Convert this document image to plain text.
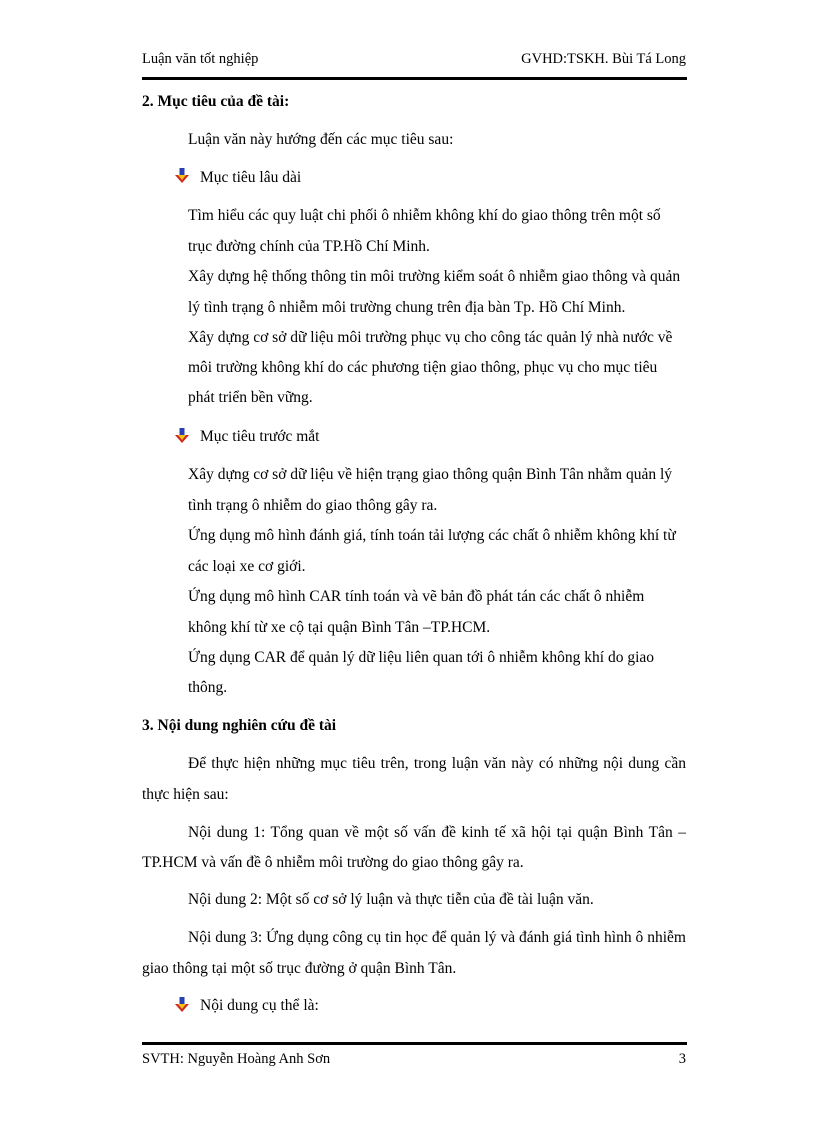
Luận văn tốt nghiệp	GVHD:TSKH. Bùi Tá Long
2. Mục tiêu của đề tài:
Luận văn này hướng đến các mục tiêu sau:
Mục tiêu lâu dài
Tìm hiểu các quy luật chi phối ô nhiễm không khí do giao thông trên một số
trục đường chính của TP.Hồ Chí Minh.
Xây dựng hệ thống thông tin môi trường kiểm soát ô nhiễm giao thông và quản
lý tình trạng ô nhiễm môi trường chung trên địa bàn Tp. Hồ Chí Minh.
Xây dựng cơ sở dữ liệu môi trường phục vụ cho công tác quản lý nhà nước về
môi trường không khí do các phương tiện giao thông, phục vụ cho mục tiêu
phát triển bền vững.
Mục tiêu trước mắt
Xây dựng cơ sở dữ liệu về hiện trạng giao thông quận Bình Tân nhằm quản lý
tình trạng ô nhiễm do giao thông gây ra.
Ứng dụng mô hình đánh giá, tính toán tải lượng các chất ô nhiễm không khí từ
các loại xe cơ giới.
Ứng dụng mô hình CAR tính toán và vẽ bản đồ phát tán các chất ô nhiễm
không khí từ xe cộ tại quận Bình Tân –TP.HCM.
Ứng dụng CAR để quản lý dữ liệu liên quan tới ô nhiễm không khí do giao
thông.
3. Nội dung nghiên cứu đề tài
Để thực hiện những mục tiêu trên, trong luận văn này có những nội dung cần
thực hiện sau:
Nội dung 1: Tổng quan về một số vấn đề kinh tế xã hội tại quận Bình Tân –
TP.HCM và vấn đề ô nhiễm môi trường do giao thông gây ra.
Nội dung 2: Một số cơ sở lý luận và thực tiễn của đề tài luận văn.
Nội dung 3: Ứng dụng công cụ tin học để quản lý và đánh giá tình hình ô nhiễm
giao thông tại một số trục đường ở quận Bình Tân.
Nội dung cụ thể là:
SVTH: Nguyễn Hoàng Anh Sơn	3
